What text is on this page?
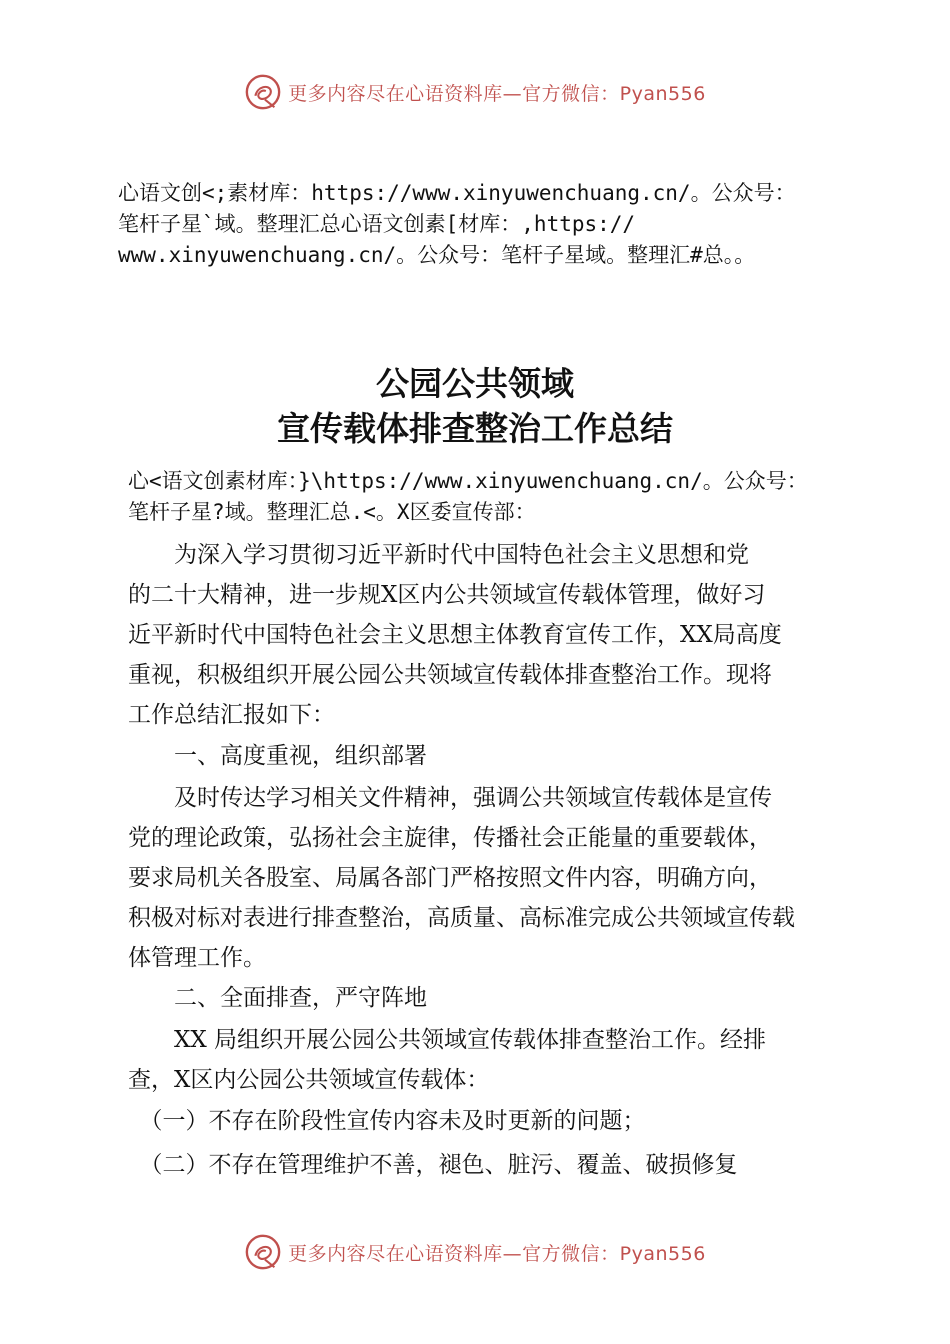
更多内容尽在心语资料库—官方微信：Pyan556
心语文创<;素材库：https://www.xinyuwenchuang.cn/。公众号：
笔杆子星`域。整理汇总心语文创素[材库：,https://
www.xinyuwenchuang.cn/。公众号：笔杆子星域。整理汇#总。。
公园公共领域
宣传载体排查整治工作总结
心<语文创素材库：}\https://www.xinyuwenchuang.cn/。公众号：
笔杆子星?域。整理汇总.<。X区委宣传部：
　　为深入学习贯彻习近平新时代中国特色社会主义思想和党
的二十大精神，进一步规X区内公共领域宣传载体管理，做好习
近平新时代中国特色社会主义思想主体教育宣传工作，XX局高度
重视，积极组织开展公园公共领域宣传载体排查整治工作。现将
工作总结汇报如下：
　　一、高度重视，组织部署
　　及时传达学习相关文件精神，强调公共领域宣传载体是宣传
党的理论政策，弘扬社会主旋律，传播社会正能量的重要载体，
要求局机关各股室、局属各部门严格按照文件内容，明确方向，
积极对标对表进行排查整治，高质量、高标准完成公共领域宣传载
体管理工作。
　　二、全面排查，严守阵地
　　XX 局组织开展公园公共领域宣传载体排查整治工作。经排
查，X区内公园公共领域宣传载体：
　（一）不存在阶段性宣传内容未及时更新的问题；
　（二）不存在管理维护不善，褪色、脏污、覆盖、破损修复
更多内容尽在心语资料库—官方微信：Pyan556
